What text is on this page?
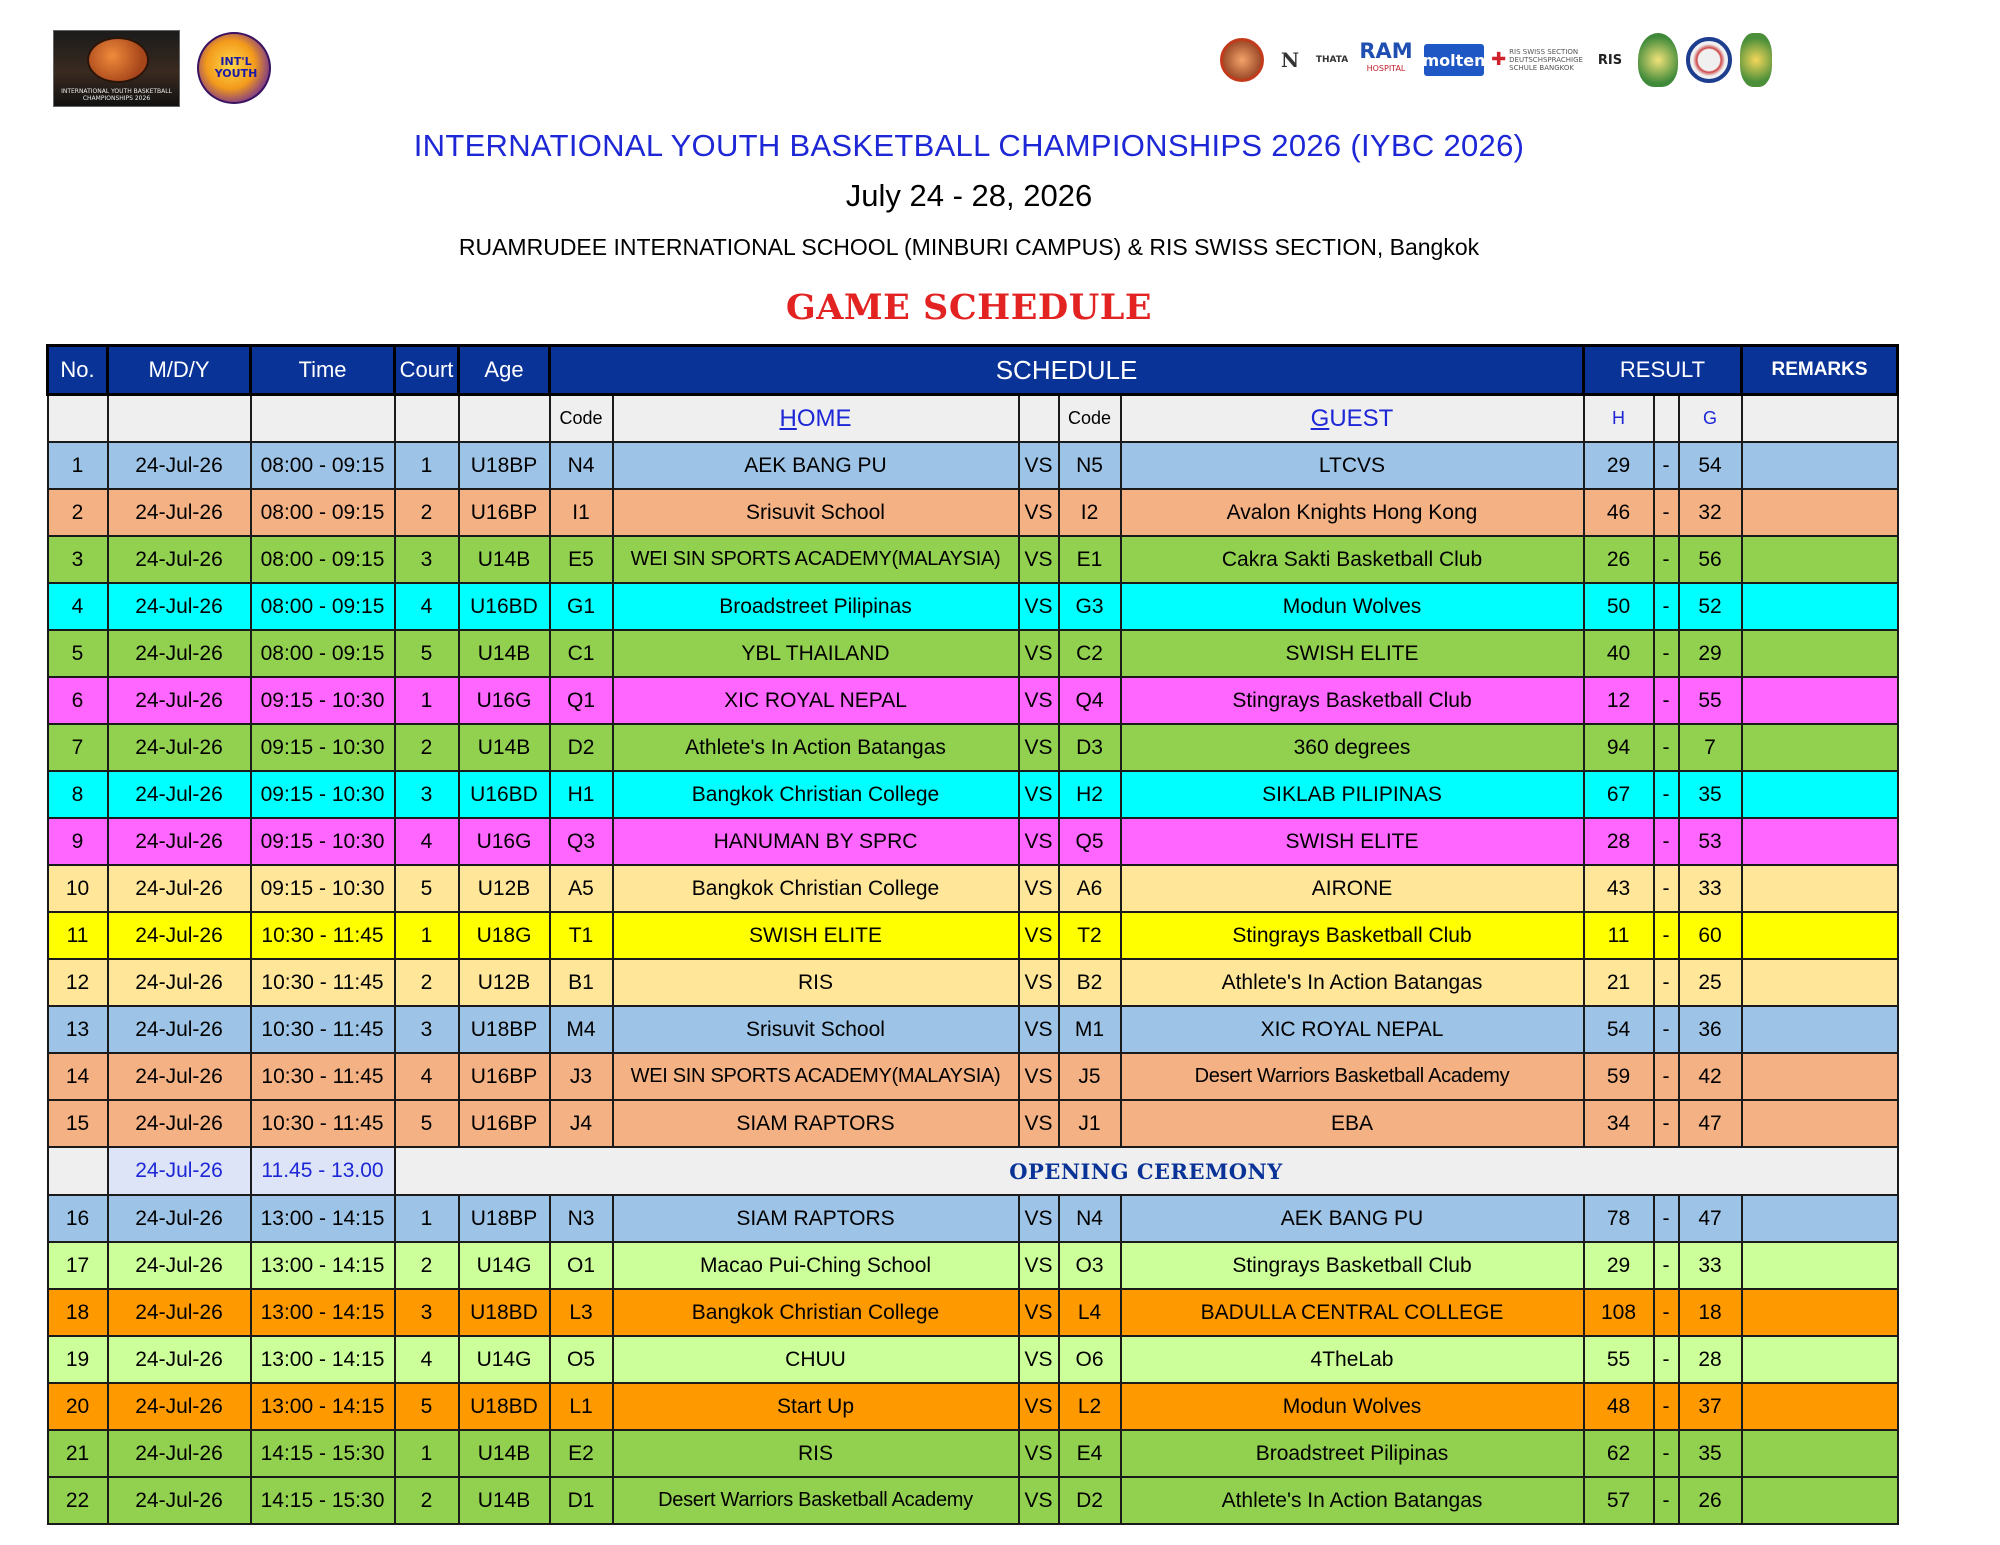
INTERNATIONAL YOUTH BASKETBALL CHAMPIONSHIPS 2026
INT'L YOUTH
N	THATA RAM
HOSPITAL molten ✚ RIS SWISS SECTION DEUTSCHSPRACHIGE SCHULE BANGKOK
RIS
INTERNATIONAL YOUTH BASKETBALL CHAMPIONSHIPS 2026 (IYBC 2026)
July 24 - 28, 2026
RUAMRUDEE INTERNATIONAL SCHOOL (MINBURI CAMPUS) & RIS SWISS SECTION, Bangkok
GAME SCHEDULE
No.	M/D/Y	Time	Court	Age	SCHEDULE					RESULT			REMARKS
					Code	HOME		Code	GUEST	H		G	
1	24-Jul-26	08:00 - 09:15	1	U18BP	N4	AEK BANG PU	VS	N5	LTCVS	29	-	54	
2	24-Jul-26	08:00 - 09:15	2	U16BP	I1	Srisuvit School	VS	I2	Avalon Knights Hong Kong	46	-	32	
3	24-Jul-26	08:00 - 09:15	3	U14B	E5	WEI SIN SPORTS ACADEMY(MALAYSIA)	VS	E1	Cakra Sakti Basketball Club	26	-	56	
4	24-Jul-26	08:00 - 09:15	4	U16BD	G1	Broadstreet Pilipinas	VS	G3	Modun Wolves	50	-	52	
5	24-Jul-26	08:00 - 09:15	5	U14B	C1	YBL THAILAND	VS	C2	SWISH ELITE	40	-	29	
6	24-Jul-26	09:15 - 10:30	1	U16G	Q1	XIC ROYAL NEPAL	VS	Q4	Stingrays Basketball Club	12	-	55	
7	24-Jul-26	09:15 - 10:30	2	U14B	D2	Athlete's In Action Batangas	VS	D3	360 degrees	94	-	7	
8	24-Jul-26	09:15 - 10:30	3	U16BD	H1	Bangkok Christian College	VS	H2	SIKLAB PILIPINAS	67	-	35	
9	24-Jul-26	09:15 - 10:30	4	U16G	Q3	HANUMAN BY SPRC	VS	Q5	SWISH ELITE	28	-	53	
10	24-Jul-26	09:15 - 10:30	5	U12B	A5	Bangkok Christian College	VS	A6	AIRONE	43	-	33	
11	24-Jul-26	10:30 - 11:45	1	U18G	T1	SWISH ELITE	VS	T2	Stingrays Basketball Club	11	-	60	
12	24-Jul-26	10:30 - 11:45	2	U12B	B1	RIS	VS	B2	Athlete's In Action Batangas	21	-	25	
13	24-Jul-26	10:30 - 11:45	3	U18BP	M4	Srisuvit School	VS	M1	XIC ROYAL NEPAL	54	-	36	
14	24-Jul-26	10:30 - 11:45	4	U16BP	J3	WEI SIN SPORTS ACADEMY(MALAYSIA)	VS	J5	Desert Warriors Basketball Academy	59	-	42	
15	24-Jul-26	10:30 - 11:45	5	U16BP	J4	SIAM RAPTORS	VS	J1	EBA	34	-	47	
	24-Jul-26	11.45 - 13.00	OPENING CEREMONY										
16	24-Jul-26	13:00 - 14:15	1	U18BP	N3	SIAM RAPTORS	VS	N4	AEK BANG PU	78	-	47	
17	24-Jul-26	13:00 - 14:15	2	U14G	O1	Macao Pui-Ching School	VS	O3	Stingrays Basketball Club	29	-	33	
18	24-Jul-26	13:00 - 14:15	3	U18BD	L3	Bangkok Christian College	VS	L4	BADULLA CENTRAL COLLEGE	108	-	18	
19	24-Jul-26	13:00 - 14:15	4	U14G	O5	CHUU	VS	O6	4TheLab	55	-	28	
20	24-Jul-26	13:00 - 14:15	5	U18BD	L1	Start Up	VS	L2	Modun Wolves	48	-	37	
21	24-Jul-26	14:15 - 15:30	1	U14B	E2	RIS	VS	E4	Broadstreet Pilipinas	62	-	35	
22	24-Jul-26	14:15 - 15:30	2	U14B	D1	Desert Warriors Basketball Academy	VS	D2	Athlete's In Action Batangas	57	-	26	
